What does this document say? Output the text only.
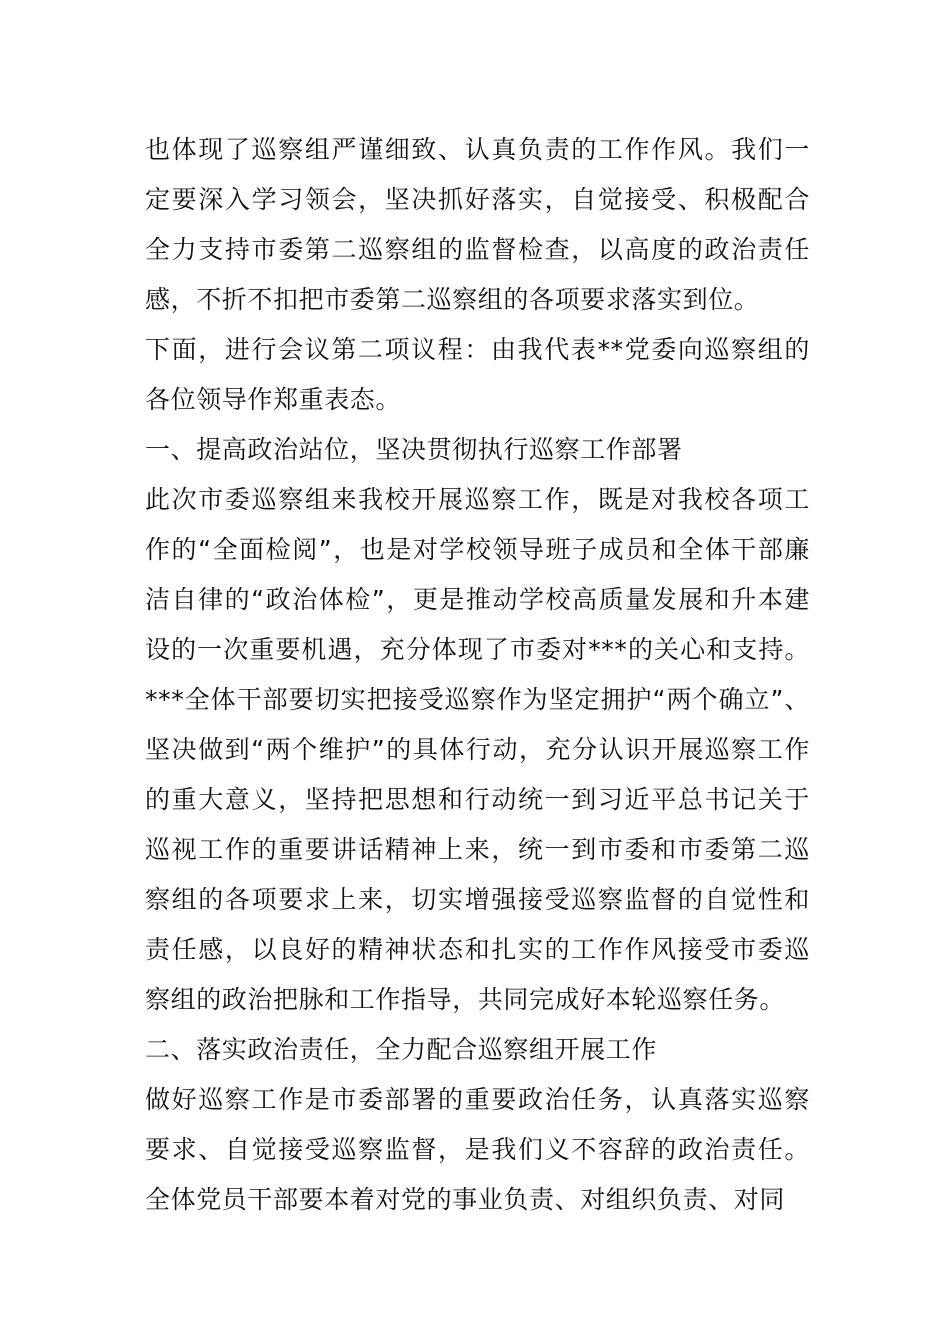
也体现了巡察组严谨细致、认真负责的工作作风。我们一定要深入学习领会，坚决抓好落实，自觉接受、积极配合全力支持市委第二巡察组的监督检查，以高度的政治责任感，不折不扣把市委第二巡察组的各项要求落实到位。

下面，进行会议第二项议程：由我代表**党委向巡察组的各位领导作郑重表态。

一、提高政治站位，坚决贯彻执行巡察工作部署

此次市委巡察组来我校开展巡察工作，既是对我校各项工作的“全面检阅”，也是对学校领导班子成员和全体干部廉洁自律的“政治体检”，更是推动学校高质量发展和升本建设的一次重要机遇，充分体现了市委对***的关心和支持。***全体干部要切实把接受巡察作为坚定拥护“两个确立”、坚决做到“两个维护”的具体行动，充分认识开展巡察工作的重大意义，坚持把思想和行动统一到习近平总书记关于巡视工作的重要讲话精神上来，统一到市委和市委第二巡察组的各项要求上来，切实增强接受巡察监督的自觉性和责任感，以良好的精神状态和扎实的工作作风接受市委巡察组的政治把脉和工作指导，共同完成好本轮巡察任务。

二、落实政治责任，全力配合巡察组开展工作

做好巡察工作是市委部署的重要政治任务，认真落实巡察要求、自觉接受巡察监督，是我们义不容辞的政治责任。全体党员干部要本着对党的事业负责、对组织负责、对同
